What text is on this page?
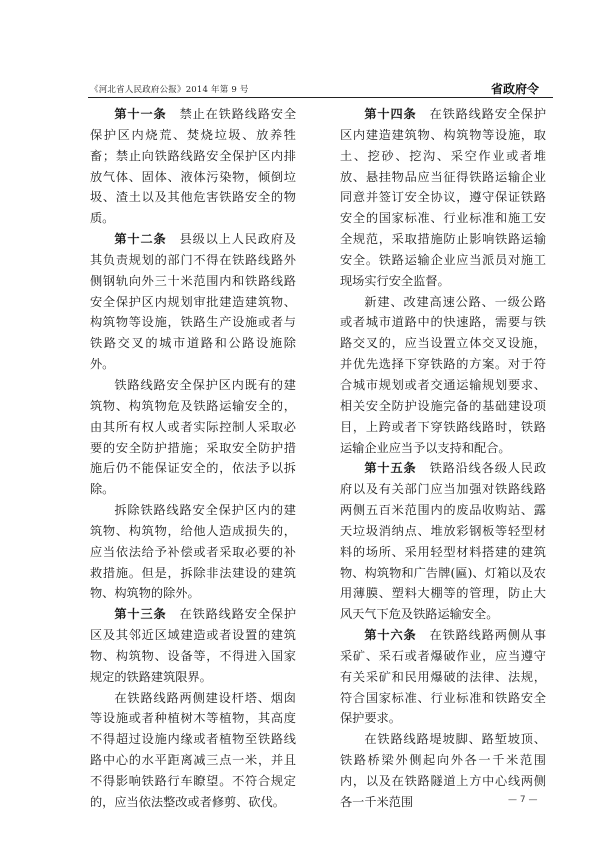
《河北省人民政府公报》2014 年第 9 号	省政府令

第十一条　禁止在铁路线路安全保护区内烧荒、焚烧垃圾、放养牲畜；禁止向铁路线路安全保护区内排放气体、固体、液体污染物，倾倒垃圾、渣土以及其他危害铁路安全的物质。

第十二条　县级以上人民政府及其负责规划的部门不得在铁路线路外侧钢轨向外三十米范围内和铁路线路安全保护区内规划审批建造建筑物、构筑物等设施，铁路生产设施或者与铁路交叉的城市道路和公路设施除外。

铁路线路安全保护区内既有的建筑物、构筑物危及铁路运输安全的，由其所有权人或者实际控制人采取必要的安全防护措施；采取安全防护措施后仍不能保证安全的，依法予以拆除。

拆除铁路线路安全保护区内的建筑物、构筑物，给他人造成损失的，应当依法给予补偿或者采取必要的补救措施。但是，拆除非法建设的建筑物、构筑物的除外。

第十三条　在铁路线路安全保护区及其邻近区域建造或者设置的建筑物、构筑物、设备等，不得进入国家规定的铁路建筑限界。

在铁路线路两侧建设杆塔、烟囱等设施或者种植树木等植物，其高度不得超过设施内缘或者植物至铁路线路中心的水平距离减三点一米，并且不得影响铁路行车瞭望。不符合规定的，应当依法整改或者修剪、砍伐。

第十四条　在铁路线路安全保护区内建造建筑物、构筑物等设施，取土、挖砂、挖沟、采空作业或者堆放、悬挂物品应当征得铁路运输企业同意并签订安全协议，遵守保证铁路安全的国家标准、行业标准和施工安全规范，采取措施防止影响铁路运输安全。铁路运输企业应当派员对施工现场实行安全监督。

新建、改建高速公路、一级公路或者城市道路中的快速路，需要与铁路交叉的，应当设置立体交叉设施，并优先选择下穿铁路的方案。对于符合城市规划或者交通运输规划要求、相关安全防护设施完备的基础建设项目，上跨或者下穿铁路线路时，铁路运输企业应当予以支持和配合。

第十五条　铁路沿线各级人民政府以及有关部门应当加强对铁路线路两侧五百米范围内的废品收购站、露天垃圾消纳点、堆放彩钢板等轻型材料的场所、采用轻型材料搭建的建筑物、构筑物和广告牌(匾)、灯箱以及农用薄膜、塑料大棚等的管理，防止大风天气下危及铁路运输安全。

第十六条　在铁路线路两侧从事采矿、采石或者爆破作业，应当遵守有关采矿和民用爆破的法律、法规，符合国家标准、行业标准和铁路安全保护要求。

在铁路线路堤坡脚、路堑坡顶、铁路桥梁外侧起向外各一千米范围内，以及在铁路隧道上方中心线两侧各一千米范围	— 7 —
